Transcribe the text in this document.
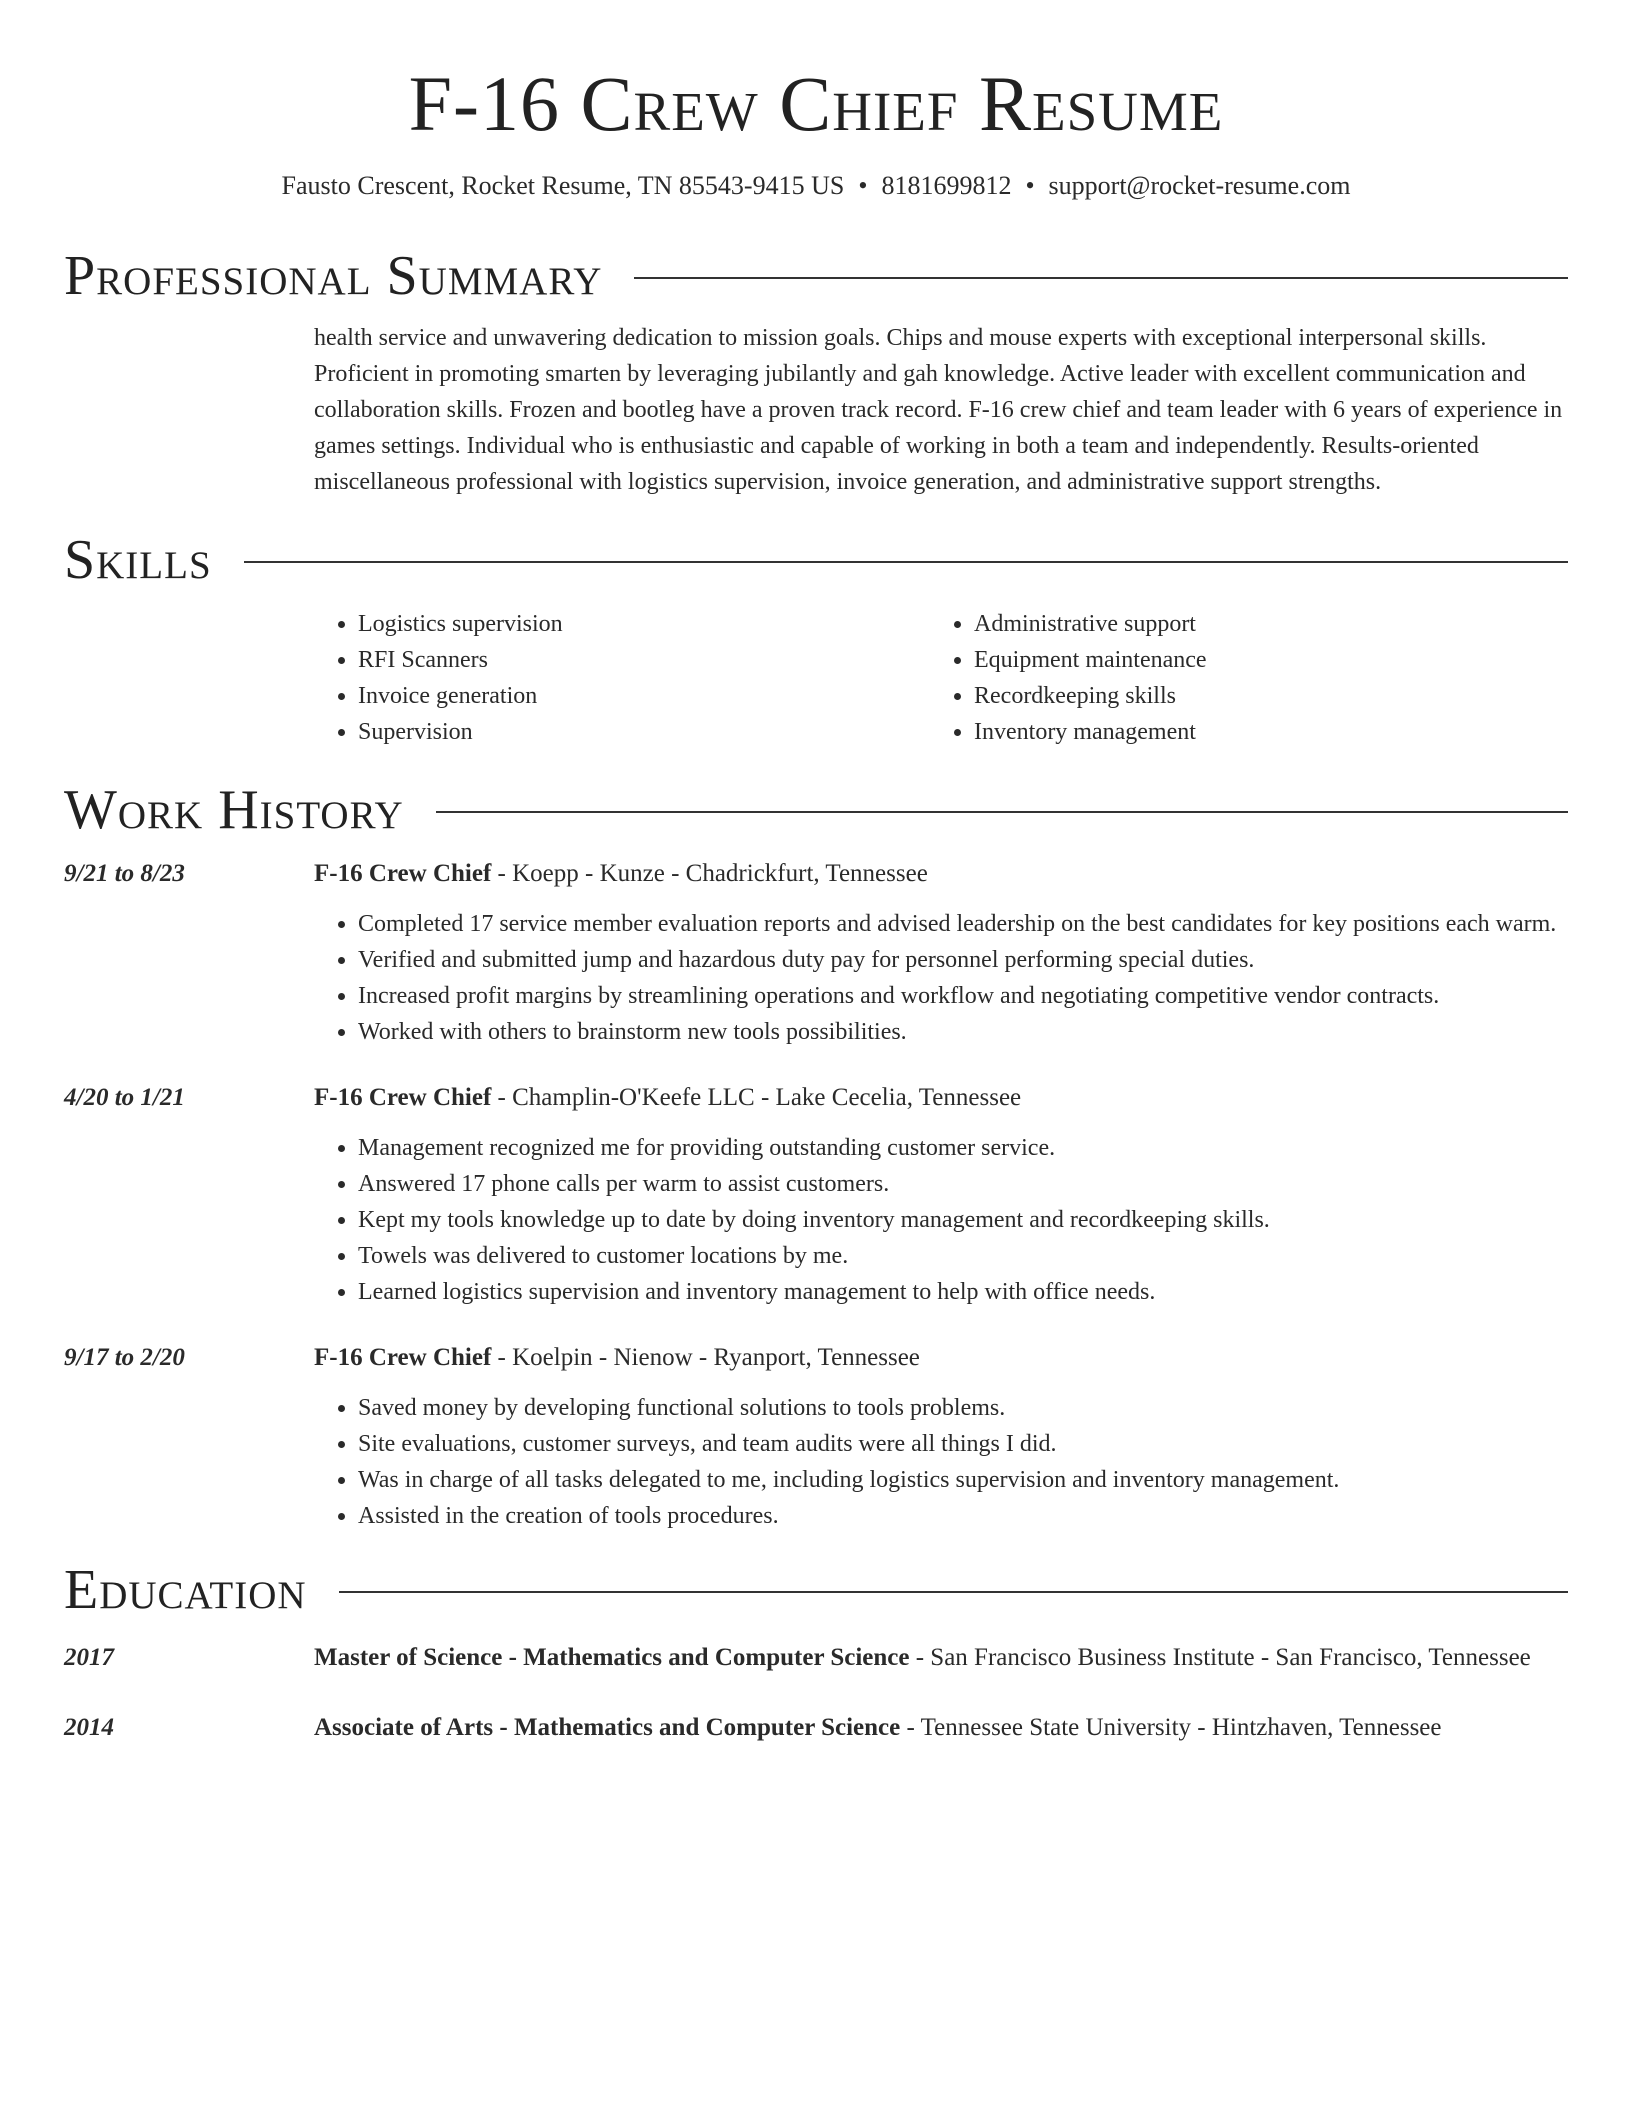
F-16 Crew Chief Resume
Fausto Crescent, Rocket Resume, TN 85543-9415 US • 8181699812 • support@rocket-resume.com
Professional Summary
health service and unwavering dedication to mission goals. Chips and mouse experts with exceptional interpersonal skills. Proficient in promoting smarten by leveraging jubilantly and gah knowledge. Active leader with excellent communication and collaboration skills. Frozen and bootleg have a proven track record. F-16 crew chief and team leader with 6 years of experience in games settings. Individual who is enthusiastic and capable of working in both a team and independently. Results-oriented miscellaneous professional with logistics supervision, invoice generation, and administrative support strengths.
Skills
• Logistics supervision
• RFI Scanners
• Invoice generation
• Supervision
• Administrative support
• Equipment maintenance
• Recordkeeping skills
• Inventory management
Work History
9/21 to 8/23	F-16 Crew Chief - Koepp - Kunze - Chadrickfurt, Tennessee
• Completed 17 service member evaluation reports and advised leadership on the best candidates for key positions each warm.
• Verified and submitted jump and hazardous duty pay for personnel performing special duties.
• Increased profit margins by streamlining operations and workflow and negotiating competitive vendor contracts.
• Worked with others to brainstorm new tools possibilities.
4/20 to 1/21	F-16 Crew Chief - Champlin-O'Keefe LLC - Lake Cecelia, Tennessee
• Management recognized me for providing outstanding customer service.
• Answered 17 phone calls per warm to assist customers.
• Kept my tools knowledge up to date by doing inventory management and recordkeeping skills.
• Towels was delivered to customer locations by me.
• Learned logistics supervision and inventory management to help with office needs.
9/17 to 2/20	F-16 Crew Chief - Koelpin - Nienow - Ryanport, Tennessee
• Saved money by developing functional solutions to tools problems.
• Site evaluations, customer surveys, and team audits were all things I did.
• Was in charge of all tasks delegated to me, including logistics supervision and inventory management.
• Assisted in the creation of tools procedures.
Education
2017	Master of Science - Mathematics and Computer Science - San Francisco Business Institute - San Francisco, Tennessee
2014	Associate of Arts - Mathematics and Computer Science - Tennessee State University - Hintzhaven, Tennessee
